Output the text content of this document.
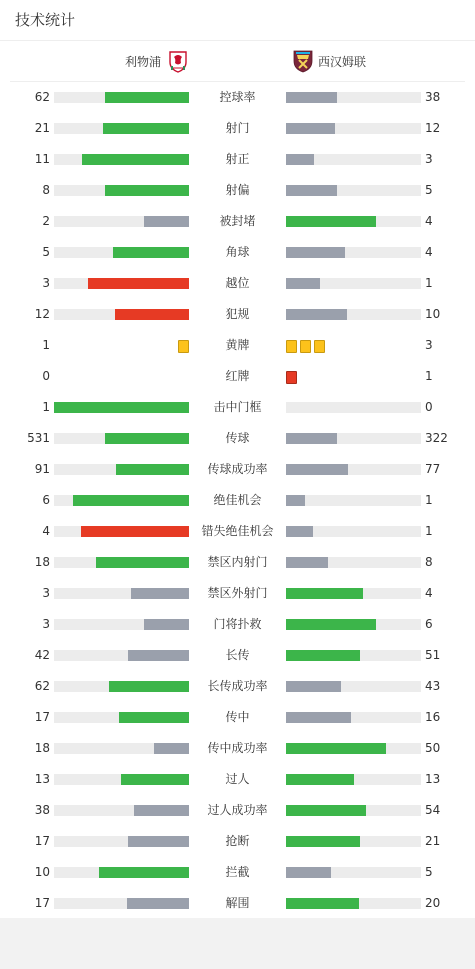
技术统计
利物浦	西汉姆联
62	控球率	38
21	射门	12
11	射正	3
8	射偏	5
2	被封堵	4
5	角球	4
3	越位	1
12	犯规	10
1	黄牌	3
0	红牌	1
1	击中门框	0
531	传球	322
91	传球成功率	77
6	绝佳机会	1
4	错失绝佳机会	1
18	禁区内射门	8
3	禁区外射门	4
3	门将扑救	6
42	长传	51
62	长传成功率	43
17	传中	16
18	传中成功率	50
13	过人	13
38	过人成功率	54
17	抢断	21
10	拦截	5
17	解围	20
